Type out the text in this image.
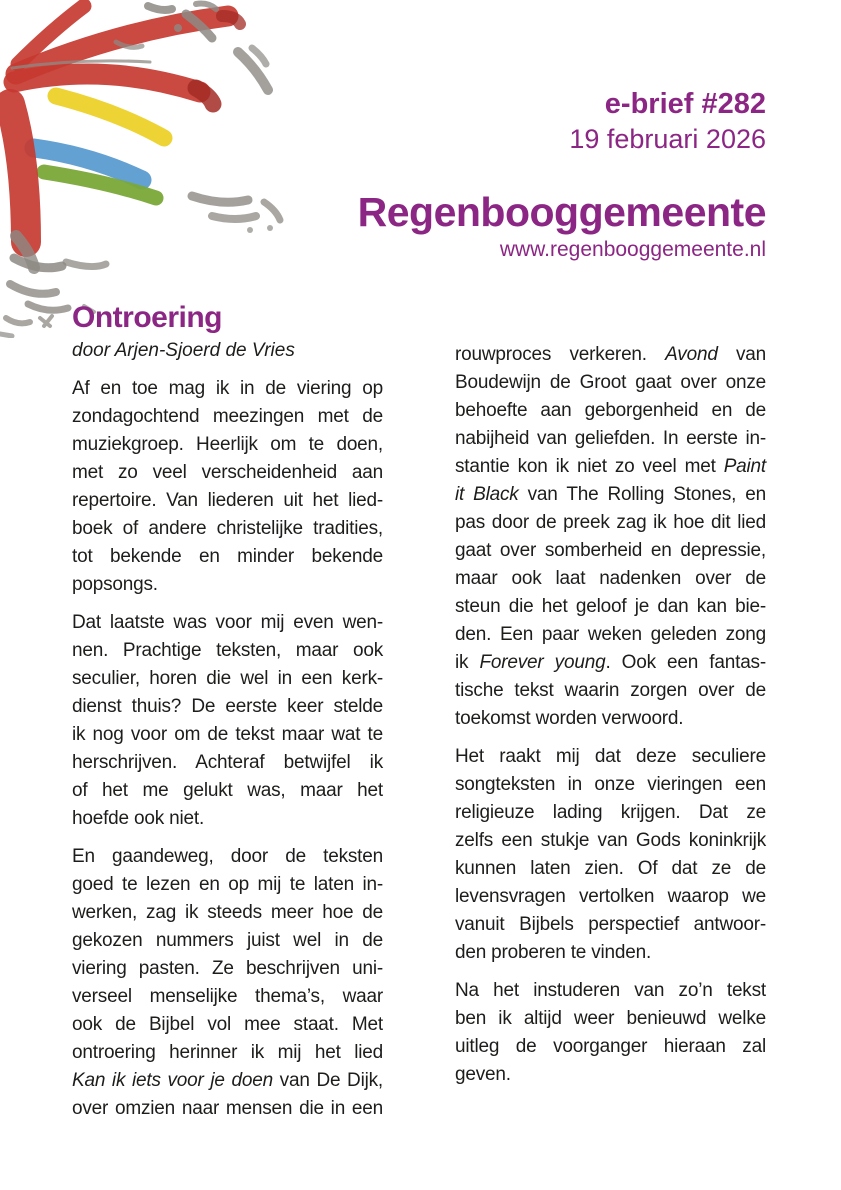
e-brief #282
19 februari 2026
Regenbooggemeente
www.regenbooggemeente.nl
Ontroering
door Arjen-Sjoerd de Vries
Af en toe mag ik in de viering op
zondagochtend meezingen met de
muziekgroep. Heerlijk om te doen,
met zo veel verscheidenheid aan
repertoire. Van liederen uit het lied-
boek of andere christelijke tradities,
tot bekende en minder bekende
popsongs.
Dat laatste was voor mij even wen-
nen. Prachtige teksten, maar ook
seculier, horen die wel in een kerk-
dienst thuis? De eerste keer stelde
ik nog voor om de tekst maar wat te
herschrijven. Achteraf betwijfel ik
of het me gelukt was, maar het
hoefde ook niet.
En gaandeweg, door de teksten
goed te lezen en op mij te laten in-
werken, zag ik steeds meer hoe de
gekozen nummers juist wel in de
viering pasten. Ze beschrijven uni-
verseel menselijke thema’s, waar
ook de Bijbel vol mee staat. Met
ontroering herinner ik mij het lied
Kan ik iets voor je doen van De Dijk,
over omzien naar mensen die in een
rouwproces verkeren. Avond van
Boudewijn de Groot gaat over onze
behoefte aan geborgenheid en de
nabijheid van geliefden. In eerste in-
stantie kon ik niet zo veel met Paint
it Black van The Rolling Stones, en
pas door de preek zag ik hoe dit lied
gaat over somberheid en depressie,
maar ook laat nadenken over de
steun die het geloof je dan kan bie-
den. Een paar weken geleden zong
ik Forever young. Ook een fantas-
tische tekst waarin zorgen over de
toekomst worden verwoord.
Het raakt mij dat deze seculiere
songteksten in onze vieringen een
religieuze lading krijgen. Dat ze
zelfs een stukje van Gods koninkrijk
kunnen laten zien. Of dat ze de
levensvragen vertolken waarop we
vanuit Bijbels perspectief antwoor-
den proberen te vinden.
Na het instuderen van zo’n tekst
ben ik altijd weer benieuwd welke
uitleg de voorganger hieraan zal
geven.
